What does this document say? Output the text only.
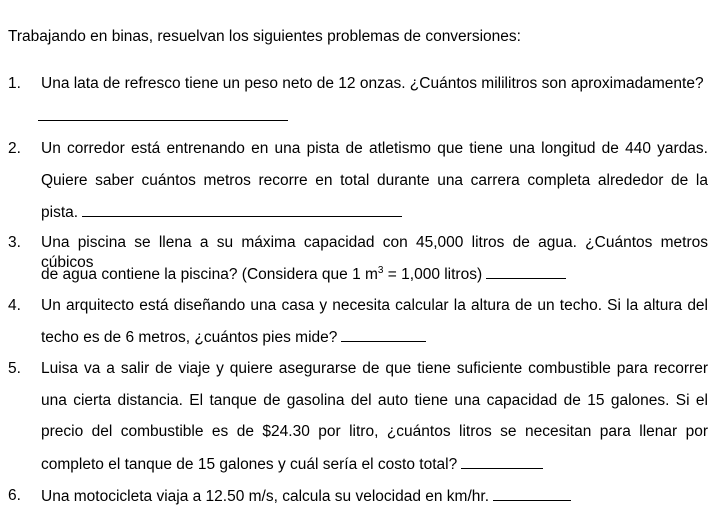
Trabajando en binas, resuelvan los siguientes problemas de conversiones:
1. Una lata de refresco tiene un peso neto de 12 onzas. ¿Cuántos mililitros son aproximadamente?
2. Un corredor está entrenando en una pista de atletismo que tiene una longitud de 440 yardas.
Quiere saber cuántos metros recorre en total durante una carrera completa alrededor de la
pista.
3. Una piscina se llena a su máxima capacidad con 45,000 litros de agua. ¿Cuántos metros cúbicos
de agua contiene la piscina? (Considera que 1 $m^3 = 1,000$ litros)
4. Un arquitecto está diseñando una casa y necesita calcular la altura de un techo. Si la altura del
techo es de 6 metros, ¿cuántos pies mide?
5. Luisa va a salir de viaje y quiere asegurarse de que tiene suficiente combustible para recorrer
una cierta distancia. El tanque de gasolina del auto tiene una capacidad de 15 galones. Si el
precio del combustible es de $24.30 por litro, ¿cuántos litros se necesitan para llenar por
completo el tanque de 15 galones y cuál sería el costo total?
6. Una motocicleta viaja a 12.50 m/s, calcula su velocidad en km/hr.
